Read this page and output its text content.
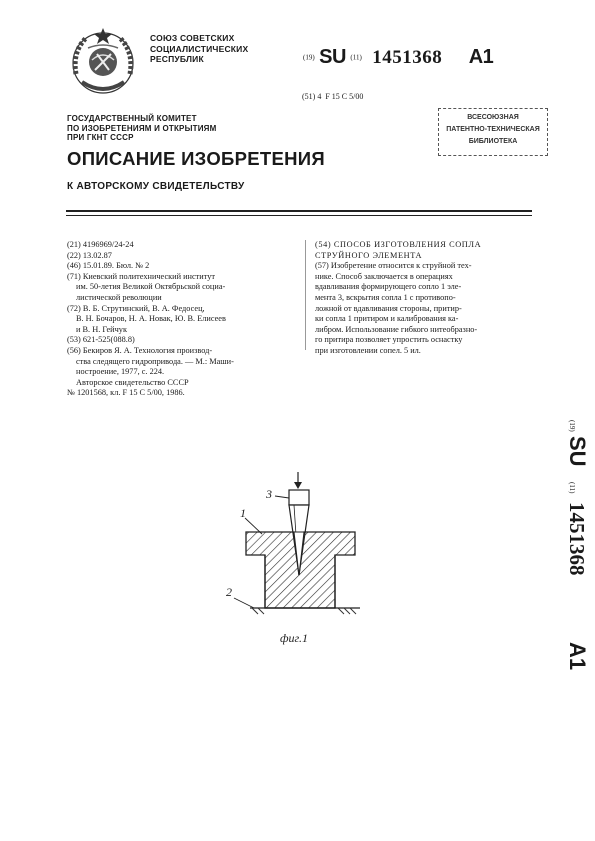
СОЮЗ СОВЕТСКИХ
СОЦИАЛИСТИЧЕСКИХ
РЕСПУБЛИК	(19) SU (11) 1451368 A1
(51) 4 F 15 C 5/00
ВСЕСОЮЗНАЯ
ПАТЕНТНО-ТЕХНИЧЕСКАЯ
БИБЛИОТЕКА
ГОСУДАРСТВЕННЫЙ КОМИТЕТ
ПО ИЗОБРЕТЕНИЯМ И ОТКРЫТИЯМ
ПРИ ГКНТ СССР
ОПИСАНИЕ ИЗОБРЕТЕНИЯ
К АВТОРСКОМУ СВИДЕТЕЛЬСТВУ
(21) 4196969/24-24
(22) 13.02.87
(46) 15.01.89. Бюл. № 2
(71) Киевский политехнический институт
им. 50-летия Великой Октябрьской социа-
листической революции
(72) В. Б. Струтинский, В. А. Федосец,
В. Н. Бочаров, Н. А. Новак, Ю. В. Елисеев
и В. Н. Гейчук
(53) 621-525(088.8)
(56) Бекиров Я. А. Технология производ-
ства следящего гидропривода. — М.: Маши-
ностроение, 1977, с. 224.
Авторское свидетельство СССР
№ 1201568, кл. F 15 C 5/00, 1986.
(54) СПОСОБ ИЗГОТОВЛЕНИЯ СОПЛА
СТРУЙНОГО ЭЛЕМЕНТА
(57) Изобретение относится к струйной тех-
нике. Способ заключается в операциях
вдавливания формирующего сопло 1 эле-
мента 3, вскрытия сопла 1 с противопо-
ложной от вдавливания стороны, притир-
ки сопла 1 притиром и калибрования ка-
либром. Использование гибкого нитеобразно-
го притира позволяет упростить оснастку
при изготовлении сопел. 5 ил.
(19)
SU
(11)
1451368
A1
1
3
2
фиг.1
